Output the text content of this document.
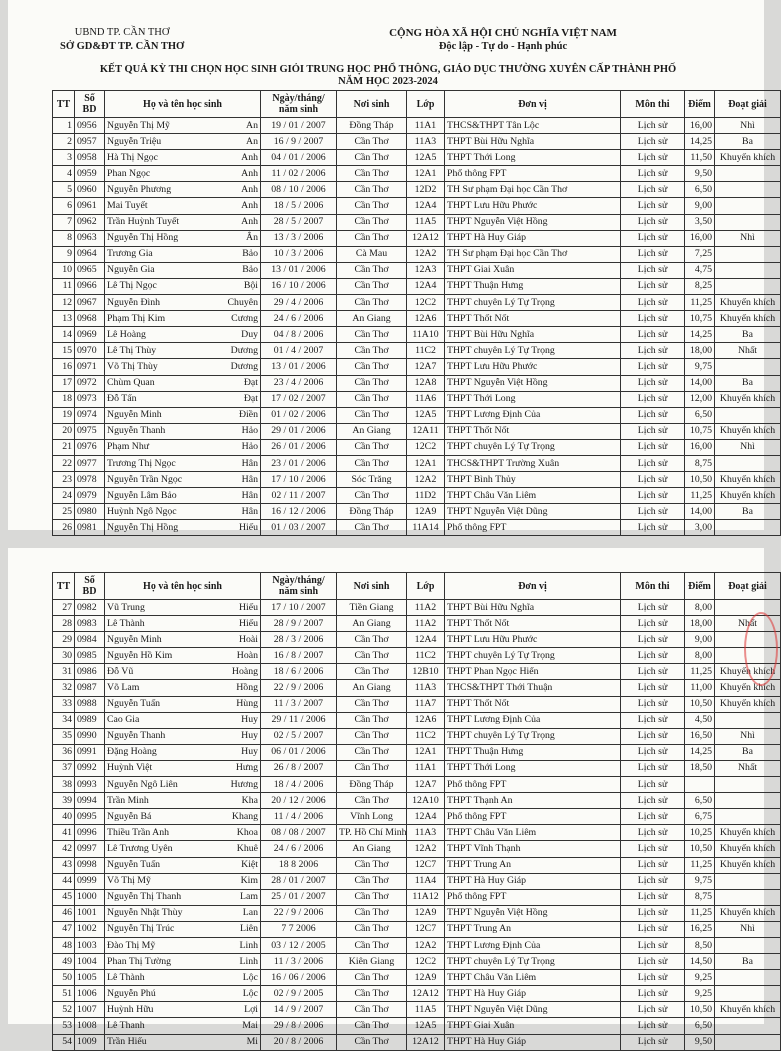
UBND TP. CẦN THƠ
SỞ GD&ĐT TP. CẦN THƠ
CỘNG HÒA XÃ HỘI CHỦ NGHĨA VIỆT NAM
Độc lập - Tự do - Hạnh phúc
KẾT QUẢ KỲ THI CHỌN HỌC SINH GIỎI TRUNG HỌC PHỔ THÔNG, GIÁO DỤC THƯỜNG XUYÊN CẤP THÀNH PHỐ
NĂM HỌC 2023-2024
TT	Số BD	Họ và tên học sinh		Ngày/tháng/ năm sinh	Nơi sinh	Lớp	Đơn vị	Môn thi	Điểm	Đoạt giải
1	0956	Nguyễn Thị Mỹ	An	19 / 01 / 2007	Đồng Tháp	11A1	THCS&THPT Tân Lộc	Lịch sử	16,00	Nhì
2	0957	Nguyễn Triệu	An	16 / 9 / 2007	Cần Thơ	11A3	THPT Bùi Hữu Nghĩa	Lịch sử	14,25	Ba
3	0958	Hà Thị Ngọc	Anh	04 / 01 / 2006	Cần Thơ	12A5	THPT Thới Long	Lịch sử	11,50	Khuyến khích
4	0959	Phan Ngọc	Anh	11 / 02 / 2006	Cần Thơ	12A1	Phổ thông FPT	Lịch sử	9,50	
5	0960	Nguyễn Phương	Anh	08 / 10 / 2006	Cần Thơ	12D2	TH Sư phạm Đại học Cần Thơ	Lịch sử	6,50	
6	0961	Mai Tuyết	Anh	18 / 5 / 2006	Cần Thơ	12A4	THPT Lưu Hữu Phước	Lịch sử	9,00	
7	0962	Trần Huỳnh Tuyết	Anh	28 / 5 / 2007	Cần Thơ	11A5	THPT Nguyễn Việt Hồng	Lịch sử	3,50	
8	0963	Nguyễn Thị Hồng	Ân	13 / 3 / 2006	Cần Thơ	12A12	THPT Hà Huy Giáp	Lịch sử	16,00	Nhì
9	0964	Trương Gia	Bảo	10 / 3 / 2006	Cà Mau	12A2	TH Sư phạm Đại học Cần Thơ	Lịch sử	7,25	
10	0965	Nguyễn Gia	Bảo	13 / 01 / 2006	Cần Thơ	12A3	THPT Giai Xuân	Lịch sử	4,75	
11	0966	Lê Thị Ngọc	Bội	16 / 10 / 2006	Cần Thơ	12A4	THPT Thuận Hưng	Lịch sử	8,25	
12	0967	Nguyễn Đình	Chuyên	29 / 4 / 2006	Cần Thơ	12C2	THPT chuyên Lý Tự Trọng	Lịch sử	11,25	Khuyến khích
13	0968	Phạm Thị Kim	Cương	24 / 6 / 2006	An Giang	12A6	THPT Thốt Nốt	Lịch sử	10,75	Khuyến khích
14	0969	Lê Hoàng	Duy	04 / 8 / 2006	Cần Thơ	11A10	THPT Bùi Hữu Nghĩa	Lịch sử	14,25	Ba
15	0970	Lê Thị Thùy	Dương	01 / 4 / 2007	Cần Thơ	11C2	THPT chuyên Lý Tự Trọng	Lịch sử	18,00	Nhất
16	0971	Võ Thị Thùy	Dương	13 / 01 / 2006	Cần Thơ	12A7	THPT Lưu Hữu Phước	Lịch sử	9,75	
17	0972	Chùm Quan	Đạt	23 / 4 / 2006	Cần Thơ	12A8	THPT Nguyễn Việt Hồng	Lịch sử	14,00	Ba
18	0973	Đỗ Tấn	Đạt	17 / 02 / 2007	Cần Thơ	11A6	THPT Thới Long	Lịch sử	12,00	Khuyến khích
19	0974	Nguyễn Minh	Điền	01 / 02 / 2006	Cần Thơ	12A5	THPT Lương Định Của	Lịch sử	6,50	
20	0975	Nguyễn Thanh	Hảo	29 / 01 / 2006	An Giang	12A11	THPT Thốt Nốt	Lịch sử	10,75	Khuyến khích
21	0976	Phạm Như	Hảo	26 / 01 / 2006	Cần Thơ	12C2	THPT chuyên Lý Tự Trọng	Lịch sử	16,00	Nhì
22	0977	Trương Thị Ngọc	Hân	23 / 01 / 2006	Cần Thơ	12A1	THCS&THPT Trường Xuân	Lịch sử	8,75	
23	0978	Nguyễn Trần Ngọc	Hân	17 / 10 / 2006	Sóc Trăng	12A2	THPT Bình Thủy	Lịch sử	10,50	Khuyến khích
24	0979	Nguyễn Lâm Bảo	Hân	02 / 11 / 2007	Cần Thơ	11D2	THPT Châu Văn Liêm	Lịch sử	11,25	Khuyến khích
25	0980	Huỳnh Ngô Ngọc	Hân	16 / 12 / 2006	Đồng Tháp	12A9	THPT Nguyễn Việt Dũng	Lịch sử	14,00	Ba
26	0981	Nguyễn Thị Hồng	Hiếu	01 / 03 / 2007	Cần Thơ	11A14	Phổ thông FPT	Lịch sử	3,00	
TT	Số BD	Họ và tên học sinh		Ngày/tháng/ năm sinh	Nơi sinh	Lớp	Đơn vị	Môn thi	Điểm	Đoạt giải
27	0982	Vũ Trung	Hiếu	17 / 10 / 2007	Tiền Giang	11A2	THPT Bùi Hữu Nghĩa	Lịch sử	8,00	
28	0983	Lê Thành	Hiếu	28 / 9 / 2007	An Giang	11A2	THPT Thốt Nốt	Lịch sử	18,00	Nhất
29	0984	Nguyễn Minh	Hoài	28 / 3 / 2006	Cần Thơ	12A4	THPT Lưu Hữu Phước	Lịch sử	9,00	
30	0985	Nguyễn Hồ Kim	Hoàn	16 / 8 / 2007	Cần Thơ	11C2	THPT chuyên Lý Tự Trọng	Lịch sử	8,00	
31	0986	Đỗ Vũ	Hoàng	18 / 6 / 2006	Cần Thơ	12B10	THPT Phan Ngọc Hiển	Lịch sử	11,25	Khuyến khích
32	0987	Võ Lam	Hồng	22 / 9 / 2006	An Giang	11A3	THCS&THPT Thới Thuận	Lịch sử	11,00	Khuyến khích
33	0988	Nguyễn Tuấn	Hùng	11 / 3 / 2007	Cần Thơ	11A7	THPT Thốt Nốt	Lịch sử	10,50	Khuyến khích
34	0989	Cao Gia	Huy	29 / 11 / 2006	Cần Thơ	12A6	THPT Lương Định Của	Lịch sử	4,50	
35	0990	Nguyễn Thanh	Huy	02 / 5 / 2007	Cần Thơ	11C2	THPT chuyên Lý Tự Trọng	Lịch sử	16,50	Nhì
36	0991	Đặng Hoàng	Huy	06 / 01 / 2006	Cần Thơ	12A1	THPT Thuận Hưng	Lịch sử	14,25	Ba
37	0992	Huỳnh Việt	Hưng	26 / 8 / 2007	Cần Thơ	11A1	THPT Thới Long	Lịch sử	18,50	Nhất
38	0993	Nguyễn Ngô Liên	Hương	18 / 4 / 2006	Đồng Tháp	12A7	Phổ thông FPT	Lịch sử		
39	0994	Trần Minh	Kha	20 / 12 / 2006	Cần Thơ	12A10	THPT Thạnh An	Lịch sử	6,50	
40	0995	Nguyễn Bá	Khang	11 / 4 / 2006	Vĩnh Long	12A4	Phổ thông FPT	Lịch sử	6,75	
41	0996	Thiều Trần Anh	Khoa	08 / 08 / 2007	TP. Hồ Chí Minh	11A3	THPT Châu Văn Liêm	Lịch sử	10,25	Khuyến khích
42	0997	Lê Trương Uyên	Khuê	24 / 6 / 2006	An Giang	12A2	THPT Vĩnh Thạnh	Lịch sử	10,50	Khuyến khích
43	0998	Nguyễn Tuấn	Kiệt	18 8 2006	Cần Thơ	12C7	THPT Trung An	Lịch sử	11,25	Khuyến khích
44	0999	Võ Thị Mỹ	Kim	28 / 01 / 2007	Cần Thơ	11A4	THPT Hà Huy Giáp	Lịch sử	9,75	
45	1000	Nguyễn Thị Thanh	Lam	25 / 01 / 2007	Cần Thơ	11A12	Phổ thông FPT	Lịch sử	8,75	
46	1001	Nguyễn Nhật Thùy	Lan	22 / 9 / 2006	Cần Thơ	12A9	THPT Nguyễn Việt Hồng	Lịch sử	11,25	Khuyến khích
47	1002	Nguyễn Thị Trúc	Liên	7 7 2006	Cần Thơ	12C7	THPT Trung An	Lịch sử	16,25	Nhì
48	1003	Đào Thị Mỹ	Linh	03 / 12 / 2005	Cần Thơ	12A2	THPT Lương Định Của	Lịch sử	8,50	
49	1004	Phan Thị Tường	Linh	11 / 3 / 2006	Kiên Giang	12C2	THPT chuyên Lý Tự Trọng	Lịch sử	14,50	Ba
50	1005	Lê Thành	Lộc	16 / 06 / 2006	Cần Thơ	12A9	THPT Châu Văn Liêm	Lịch sử	9,25	
51	1006	Nguyễn Phú	Lộc	02 / 9 / 2005	Cần Thơ	12A12	THPT Hà Huy Giáp	Lịch sử	9,25	
52	1007	Huỳnh Hữu	Lợi	14 / 9 / 2007	Cần Thơ	11A5	THPT Nguyễn Việt Dũng	Lịch sử	10,50	Khuyến khích
53	1008	Lê Thanh	Mai	29 / 8 / 2006	Cần Thơ	12A5	THPT Giai Xuân	Lịch sử	6,50	
54	1009	Trần Hiếu	Mi	20 / 8 / 2006	Cần Thơ	12A12	THPT Hà Huy Giáp	Lịch sử	9,50	
